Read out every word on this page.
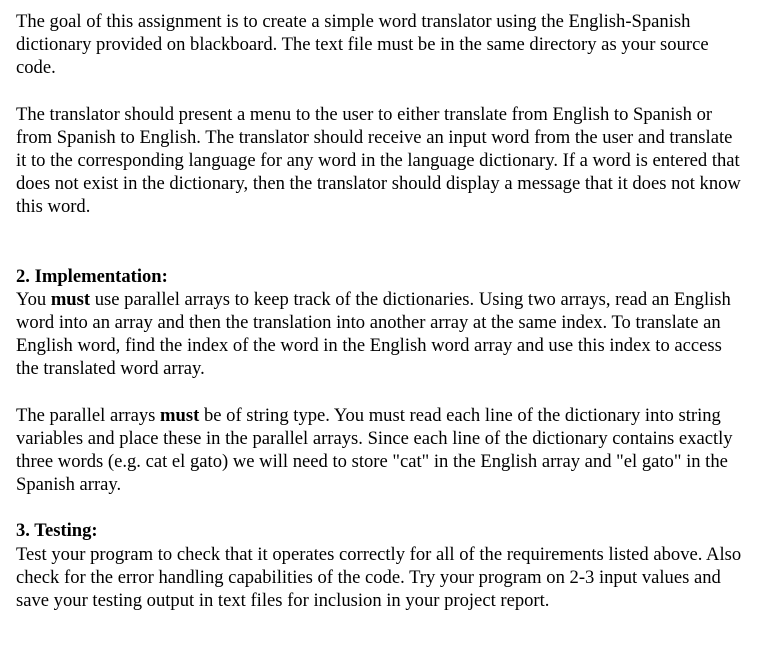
The goal of this assignment is to create a simple word translator using the English-Spanish dictionary provided on blackboard. The text file must be in the same directory as your source code.

The translator should present a menu to the user to either translate from English to Spanish or from Spanish to English. The translator should receive an input word from the user and translate it to the corresponding language for any word in the language dictionary. If a word is entered that does not exist in the dictionary, then the translator should display a message that it does not know this word.

2. Implementation:

You must use parallel arrays to keep track of the dictionaries. Using two arrays, read an English word into an array and then the translation into another array at the same index. To translate an English word, find the index of the word in the English word array and use this index to access the translated word array.

The parallel arrays must be of string type. You must read each line of the dictionary into string variables and place these in the parallel arrays. Since each line of the dictionary contains exactly three words (e.g. cat el gato) we will need to store "cat" in the English array and "el gato" in the Spanish array.

3. Testing:

Test your program to check that it operates correctly for all of the requirements listed above. Also check for the error handling capabilities of the code. Try your program on 2-3 input values and save your testing output in text files for inclusion in your project report.
